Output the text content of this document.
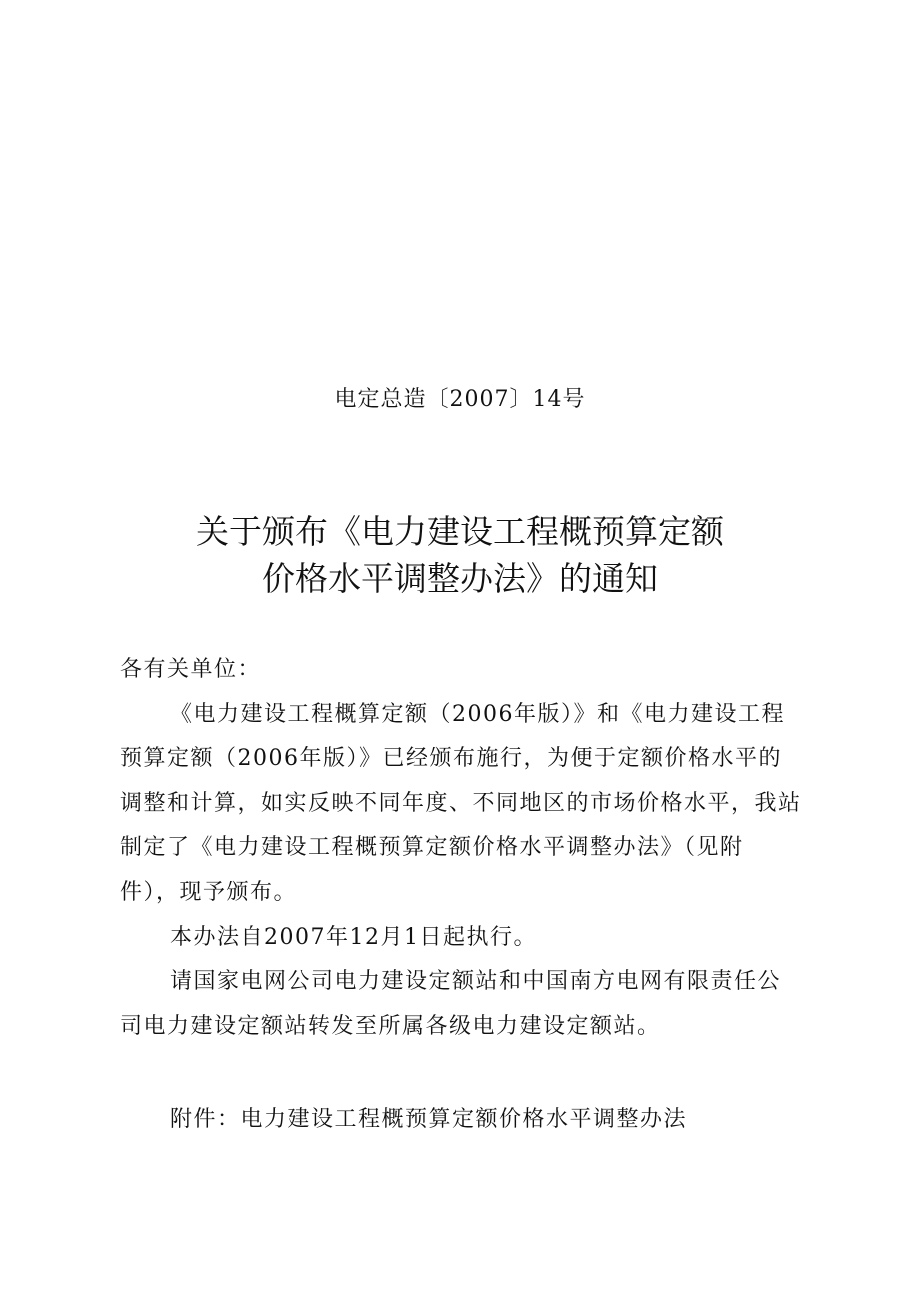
电定总造〔2007〕14号
关于颁布《电力建设工程概预算定额
价格水平调整办法》的通知

各有关单位：

《电力建设工程概算定额（2006年版）》和《电力建设工程预算定额（2006年版）》已经颁布施行，为便于定额价格水平的调整和计算，如实反映不同年度、不同地区的市场价格水平，我站制定了《电力建设工程概预算定额价格水平调整办法》（见附件），现予颁布。

本办法自2007年12月1日起执行。

请国家电网公司电力建设定额站和中国南方电网有限责任公司电力建设定额站转发至所属各级电力建设定额站。

附件：电力建设工程概预算定额价格水平调整办法
